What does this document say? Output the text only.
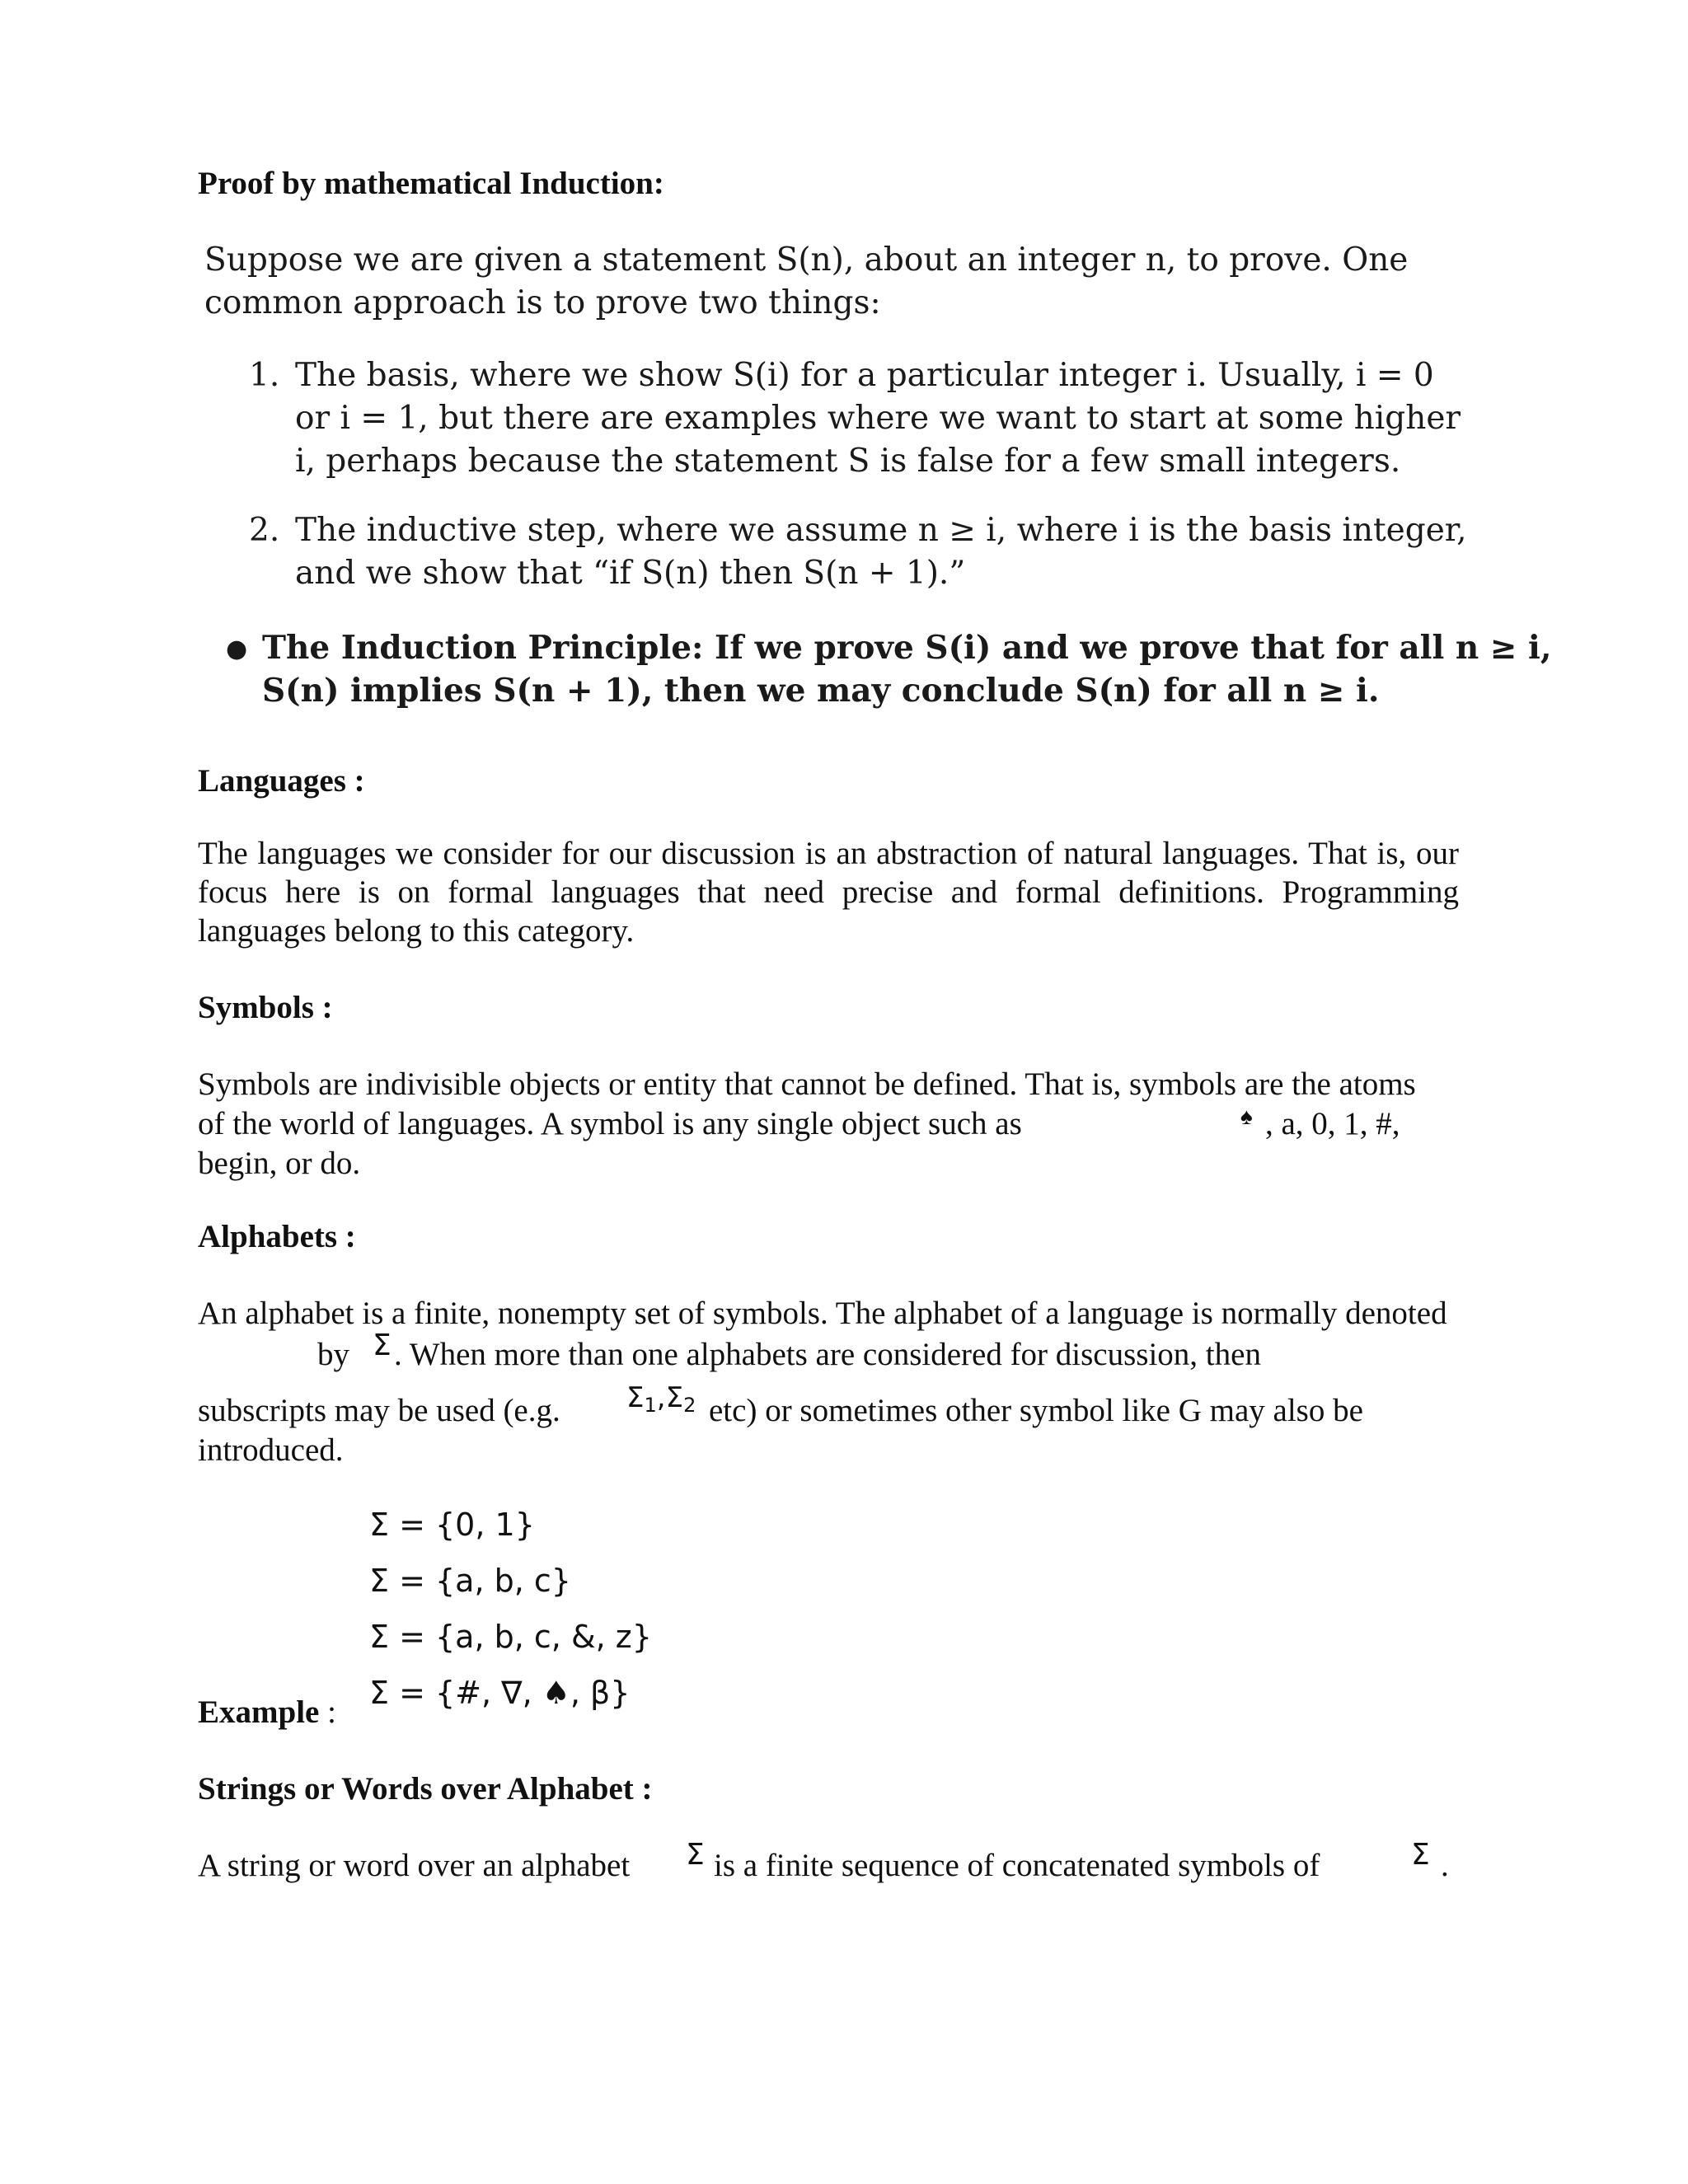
Proof by mathematical Induction:
Suppose we are given a statement S(n), about an integer n, to prove. One
common approach is to prove two things:
1. The basis, where we show S(i) for a particular integer i. Usually, i = 0
or i = 1, but there are examples where we want to start at some higher
i, perhaps because the statement S is false for a few small integers.
2. The inductive step, where we assume n ≥ i, where i is the basis integer,
and we show that “if S(n) then S(n + 1).”
● The Induction Principle: If we prove S(i) and we prove that for all n ≥ i,
S(n) implies S(n + 1), then we may conclude S(n) for all n ≥ i.
Languages :
The languages we consider for our discussion is an abstraction of natural languages. That is, our focus here is on formal languages that need precise and formal definitions. Programming languages belong to this category.
Symbols :
Symbols are indivisible objects or entity that cannot be defined. That is, symbols are the atoms
of the world of languages. A symbol is any single object such as	♠ , a, 0, 1, #,
begin, or do.
Alphabets :
An alphabet is a finite, nonempty set of symbols. The alphabet of a language is normally denoted
by Σ . When more than one alphabets are considered for discussion, then
subscripts may be used (e.g. $\Sigma_1,\Sigma_2$ etc) or sometimes other symbol like G may also be
introduced.
Σ = {0, 1}
Σ = {a, b, c}
Σ = {a, b, c, &, z}
Σ = {#, ∇, ♠, β}
Example :
Strings or Words over Alphabet :
A string or word over an alphabet Σ is a finite sequence of concatenated symbols of	Σ .
